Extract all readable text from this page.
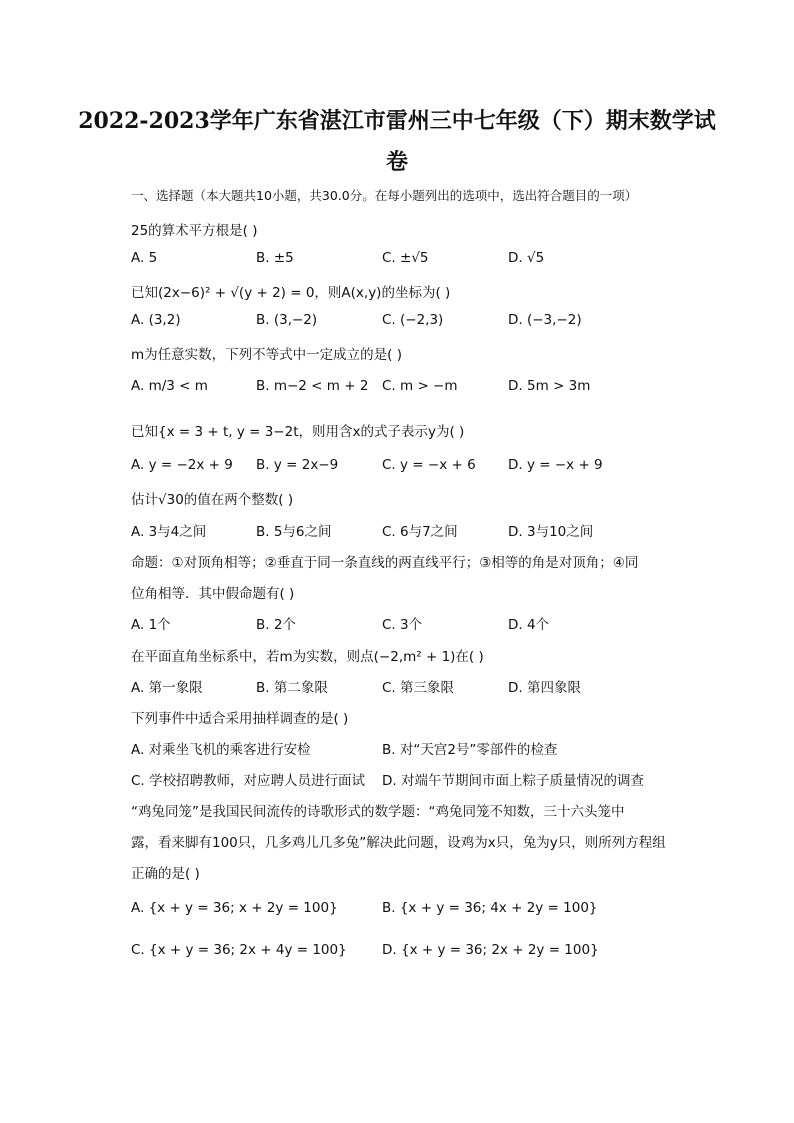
2022-2023学年广东省湛江市雷州三中七年级（下）期末数学试
卷
一、选择题（本大题共10小题，共30.0分。在每小题列出的选项中，选出符合题目的一项）
25的算术平方根是( )
A. 5	B. ±5	C. ±√5	D. √5
已知(2x−6)² + √(y + 2) = 0，则A(x,y)的坐标为( )
A. (3,2)	B. (3,−2)	C. (−2,3)	D. (−3,−2)
m为任意实数，下列不等式中一定成立的是( )
A. m/3 < m	B. m−2 < m + 2 C. m > −m	D. 5m > 3m
已知{x = 3 + t, y = 3−2t，则用含x的式子表示y为( )
A. y = −2x + 9 B. y = 2x−9	C. y = −x + 6 D. y = −x + 9
估计√30的值在两个整数( )
A. 3与4之间	B. 5与6之间	C. 6与7之间	D. 3与10之间
命题：①对顶角相等；②垂直于同一条直线的两直线平行；③相等的角是对顶角；④同
位角相等．其中假命题有( )
A. 1个	B. 2个	C. 3个	D. 4个
在平面直角坐标系中，若m为实数，则点(−2,m² + 1)在( )
A. 第一象限	B. 第二象限	C. 第三象限	D. 第四象限
下列事件中适合采用抽样调查的是( )
A. 对乘坐飞机的乘客进行安检	B. 对“天宫2号”零部件的检查
C. 学校招聘教师，对应聘人员进行面试 D. 对端午节期间市面上粽子质量情况的调查
“鸡兔同笼”是我国民间流传的诗歌形式的数学题：“鸡兔同笼不知数，三十六头笼中
露，看来脚有100只，几多鸡儿几多兔”解决此问题，设鸡为x只，兔为y只，则所列方程组
正确的是( )
A. {x + y = 36; x + 2y = 100}	B. {x + y = 36; 4x + 2y = 100}
C. {x + y = 36; 2x + 4y = 100}	D. {x + y = 36; 2x + 2y = 100}
